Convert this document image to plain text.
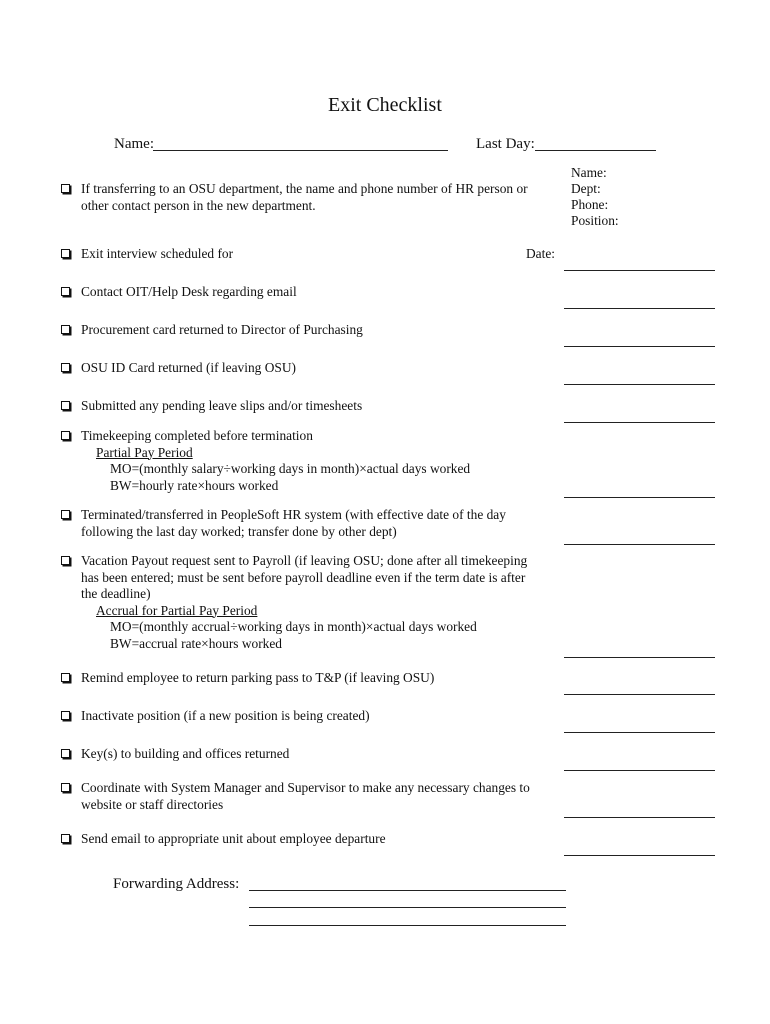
Exit Checklist
Name:	Last Day:
Name:
Dept:
Phone:
Position:
If transferring to an OSU department, the name and phone number of HR person or
other contact person in the new department.
Exit interview scheduled for	Date:
Contact OIT/Help Desk regarding email
Procurement card returned to Director of Purchasing
OSU ID Card returned (if leaving OSU)
Submitted any pending leave slips and/or timesheets
Timekeeping completed before termination
Partial Pay Period
MO=(monthly salary÷working days in month)×actual days worked
BW=hourly rate×hours worked
Terminated/transferred in PeopleSoft HR system (with effective date of the day
following the last day worked; transfer done by other dept)
Vacation Payout request sent to Payroll (if leaving OSU; done after all timekeeping
has been entered; must be sent before payroll deadline even if the term date is after
the deadline)
Accrual for Partial Pay Period
MO=(monthly accrual÷working days in month)×actual days worked
BW=accrual rate×hours worked
Remind employee to return parking pass to T&P (if leaving OSU)
Inactivate position (if a new position is being created)
Key(s) to building and offices returned
Coordinate with System Manager and Supervisor to make any necessary changes to
website or staff directories
Send email to appropriate unit about employee departure
Forwarding Address:
